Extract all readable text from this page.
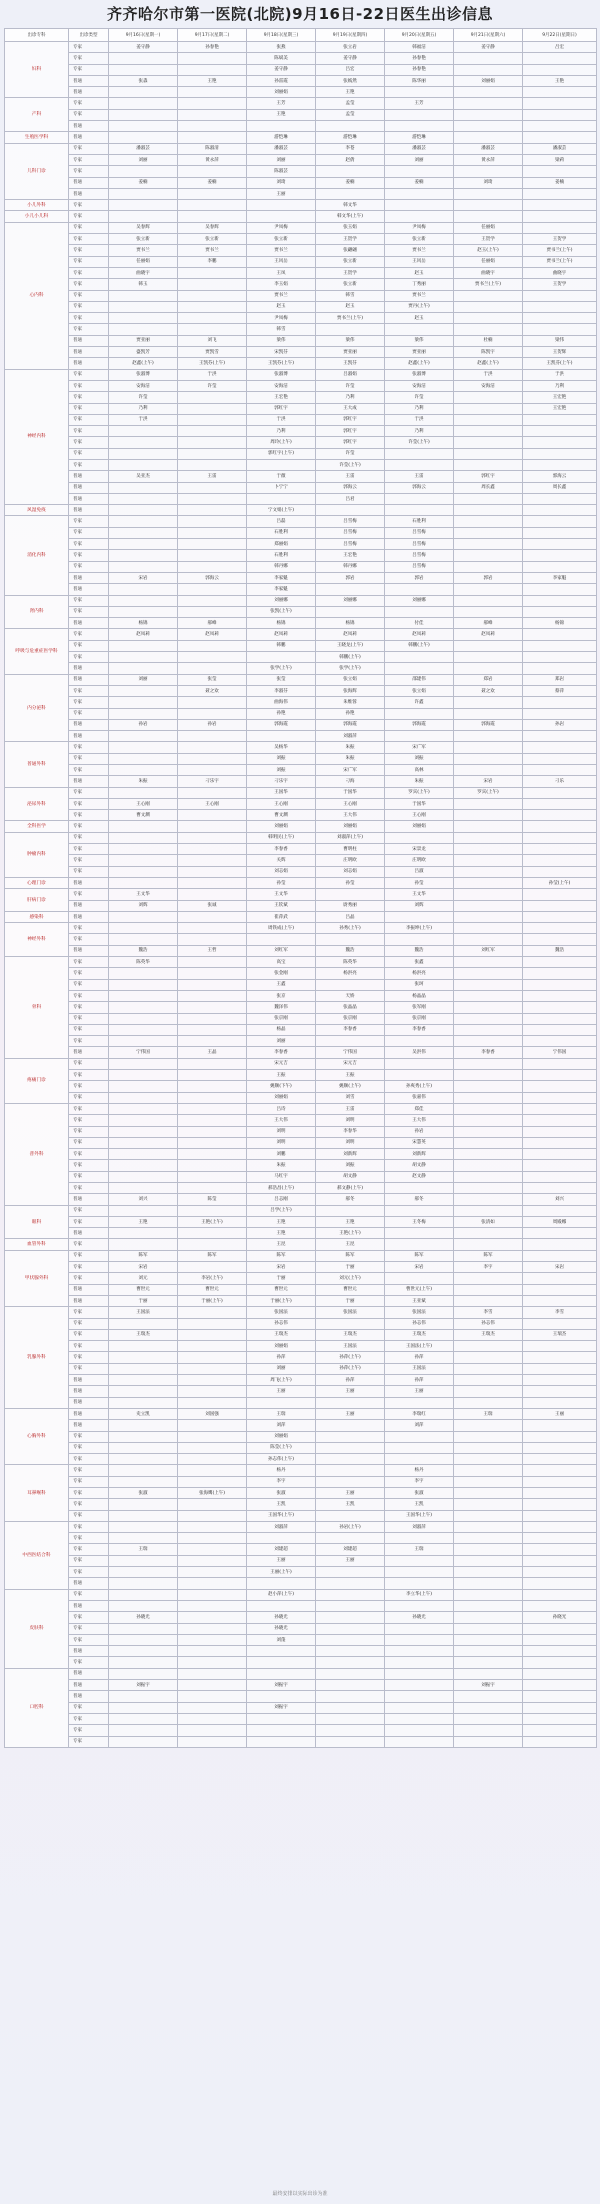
齐齐哈尔市第一医院(北院)9月16日-22日医生出诊信息
出诊专科	出诊类型	9月16日(星期一)	9月17日(星期二)	9月18日(星期三)	9月19日(星期四)	9月20日(星期五)	9月21日(星期六)	9月22日(星期日)
妇科	专家	姜守静	孙春艳	张燕	张立岩	韩福洁	姜守静	吕宏
	专家			陈斌美	姜守静	孙春艳		
	专家			姜守静	吕宏	孙春艳		
	普通	张淼	王艳	孙雷霞	张嫣然	陈华丽	刘丽娟	王艳
	普通			刘丽娟	王艳			
产科	专家			王芳	孟莹	王芳		
	专家			王艳	孟莹			
	普通							
生殖医学科	普通			游恺琳	游恺琳	游恺琳		
儿科门诊	专家	潘淑芸	陈淑清	潘淑芸	李苍	潘淑芸	潘淑芸	潘淑芸
	专家	刘丽	黄永萍	刘丽	赵倩	刘丽	黄永萍	梁莉
	专家			陈淑芸				
	普通	姜楠	姜楠	刘琦	姜楠	姜楠	刘琦	姜楠
	普通			王丽				
小儿外科	专家				韩文华			
小儿小儿科	专家				韩文华(上午)			
心内科	专家	吴春辉	吴春辉	尹凤梅	张玉娟	尹凤梅	任丽娟	
	专家	张立新	张立新	张立新	王贺学	张立新	王贺学	王贺学
	专家	贾书兰	贾书兰	贾书兰	张翩翩	贾书兰	赵玉(上午)	贾书兰(上午)
	专家	任丽娟	李鹏	王风岳	张立新	王风岳	任丽娟	贾书兰(上午)
	专家	曲晓宇		王凤	王贺学	赵玉	曲晓宇	曲晓宇
	专家	韩玉		李玉娟	张立新	丁秀丽	贾书兰(上午)	王贺学
	专家			贾书兰	韩雪	贾书兰		
	专家			赵玉	赵玉	贾丹(上午)		
	专家			尹凤梅	贾书兰(上午)	赵玉		
	专家			韩雪				
	普通	贾亚丽	刘飞	梁伟	梁伟	梁伟	杜楠	梁伟
	普通	盛凯芳	贾凯雪	宋凯芬	贾亚丽	贾亚丽	陈凯宇	王贺辉
	普通	赵鑫(上午)	王凯芬(上午)	王凯芬(上午)	王凯芬	赵鑫(上午)	赵鑫(上午)	王凯芬(上午)
神经内科	专家	张淑博	于洪	张淑博	吕淑娟	张淑博	于洪	于洪
	专家	安海洁	许莹	安海洁	许莹	安海洁	安海洁	乃利
	专家	许莹		王宏艳	乃利	许莹		王宏艳
	专家	乃利		郭红宇	王大成	乃利		王宏艳
	专家	于洪		于洪	郭红宇	于洪		
	专家			乃利	郭红宇	乃利		
	专家			周玲(上午)	郭红宇	许莹(上午)		
	专家			郭红宇(上午)	许莹			
	专家				许莹(上午)			
	普通	吴亚杰	王雷	于薇	王雷	王雷	郭红宇	郭海云
	普通			卜宁宁	郭海云	郭海云	周长鑫	周长鑫
	普通				吕君			
风湿免疫	普通			宁文娟(上午)				
消化内科	专家			吕磊	吕雪梅	石胜利		
	专家			石胜利	吕雪梅	吕雪梅		
	专家			郑丽娟	吕雪梅	吕雪梅		
	专家			石胜利	王宏艳	吕雪梅		
	专家			韩丹娜	韩丹娜	吕雪梅		
	普通	宋岩	郭海云	李家魁	郭岩	郭岩	郭岩	李家魁
	普通			李家魁				
肾内科	专家			刘丽娜	刘丽娜	刘丽娜		
	专家			张凯(上午)				
	普通	杨锦	郝峰	杨锦	杨锦	付佳	郝峰	杨锦
呼吸与危重症医学科	专家	赵凤莉	赵凤莉	赵凤莉	赵凤莉	赵凤莉	赵凤莉	
	专家			韩鹏	王晓龙(上午)	韩鹏(上午)		
	专家				韩鹏(上午)			
	普通			张学(上午)	张学(上午)			
内分泌科	普通	刘丽	张莹	张莹	张立娟	邵建伟	郑岩	郑岩
	专家		聂之欢	李淑芬	张海辉	张立娟	聂之欢	蔡萍
	专家			曲海伟	朱维蓉	许鑫		
	专家			孙艳	孙艳			
	普通	孙岩	孙岩	郭海霞	郭海霞	郭海霞	郭海霞	孙岩
	普通				刘淑萍			
普通外科	专家			吴杨华	朱振	宋广军		
	专家			刘振	朱振	刘振		
	专家			刘振	宋广军	高林		
	普通	朱振	刁乐宇	刁乐宇	刁海	朱振	宋岩	刁乐
泌尿外科	专家			王国华	于国华	罗宾(上午)	罗宾(上午)	
	专家	王心刚	王心刚	王心刚	王心刚	于国华		
	专家	曹文渊		曹文渊	王大伟	王心刚		
全科医学	专家			刘丽娟	刘丽娟	刘丽娟		
肿瘤内科	专家			韩明民(上午)	刘淑萍(上午)			
	专家			李春香	曹明柱	宋景龙		
	专家			关辉	庄明欧	庄明欧		
	专家			刘志娟	刘志娟	吕淑		
心理门诊	普通			孙莹	孙莹	孙莹		孙莹(上午)
肝病门诊	专家	王文华		王文华		王文华		
	普通	刘辉	张诚	王钦斌	尉秀丽	刘辉		
感染科	普通			崔萍武	吕晶			
神经外科	专家			周铁成(上午)	孙秀(上午)	李振坤(上午)		
	专家							
	普通	魏浩	王哲	刘红军	魏浩	魏浩	刘红军	魏浩
骨科	专家	陈英华		高宝	陈英华	张鑫		
	专家			张金刚	杨洪亮	杨洪亮		
	专家			王鑫		张珂		
	专家			张京	天娇	杨晶晶		
	专家			魏泽伟	张晶晶	张军刚		
	专家			张京刚	张京刚	张京刚		
	专家			杨晶	李春香	李春香		
	专家			刘丽				
	普通	宁伟国	王晶	李春香	宁伟国	吴洪伟	李春香	宁伟国
疼痛门诊	专家			宋元吉	宋元吉			
	专家			王振	王振			
	专家			姚顺(下午)	姚顺(上午)	孙爽秀(上午)		
	专家			刘丽娟	刘雪	张嘉伟		
普外科	专家			吕诗	王雷	郑佳		
	专家			王大伟	刘明	王大伟		
	专家			刘明	李春华	孙岩		
	专家			刘明	刘明	宋慧英		
	专家			刘鹏	刘新辉	刘新辉		
	专家			朱振	刘振	胡文静		
	专家			马红宇	胡文静	赵文静		
	专家			郝浩昌(上午)	郝文静(上午)			
	普通	刘兴	陈莹	吕志刚	郝冬	郝冬		刘兴
眼科	专家			吕学(上午)				
	专家	王艳	王艳(上午)	王艳	王艳	王冬梅	张清如	周殿娜
	普通			王艳	王艳(上午)			
血管外科	专家			王昆	王昆			
甲状腺外科	专家	陈军	陈军	陈军	陈军	陈军	陈军	
	专家	宋岩		宋岩	于丽	宋岩	李宇	宋岩
	专家	刘元	李岩(上午)	于丽	刘元(上午)			
	普通	曹世元	曹世元	曹世元	曹世元	曹世元(上午)		
	普通	于丽	于丽(上午)	于丽(上午)	于丽	王亚斌		
乳腺外科	专家	王国法		张国法	张国法	张国法	李雪	李雪
	专家			孙志伟		孙志伟	孙志伟	
	专家	王瑞杰		王瑞杰	王瑞杰	王瑞杰	王瑞杰	王瑞杰
	专家			刘丽娟	王国法	王国法(上午)		
	专家			孙萍	孙萍(上午)	孙萍		
	专家			刘丽	孙萍(上午)	王国法		
	普通			周飞(上午)	孙萍	孙萍		
	普通			王丽	王丽	王丽		
	普通							
心胸外科	普通	史立凯	刘国强	王瑞	王丽	李瑞红	王瑞	王丽
	普通			刘萍		刘萍		
	专家			刘丽娟				
	专家			陈莹(上午)				
	专家			孙志伟(上午)				
耳鼻喉科	专家			杨丹		杨丹		
	专家			李宇		李宇		
	专家	张淑	张海鹰(上午)	张淑	王丽	张淑		
	专家			王凯	王凯	王凯		
	专家			王国华(上午)		王国华(上午)		
中西医结合科	专家			刘淑萍	孙岩(上午)	刘淑萍		
	专家							
	专家	王瑞		刘建超	刘建超	王瑞		
	专家			王丽	王丽			
	专家			王丽(上午)				
	普通							
皮肤科	专家			赵小萍(上午)		李立华(上午)		
	普通							
	专家	孙晓光		孙晓光		孙晓光		孙晓光
	专家			孙晓光				
	专家			刘蓬				
	普通							
	专家							
口腔科	普通							
	普通	刘振宇		刘振宇			刘振宇	
	普通							
	专家			刘振宇				
	专家							
	专家							
	专家							
最终安排以实际出诊为准
